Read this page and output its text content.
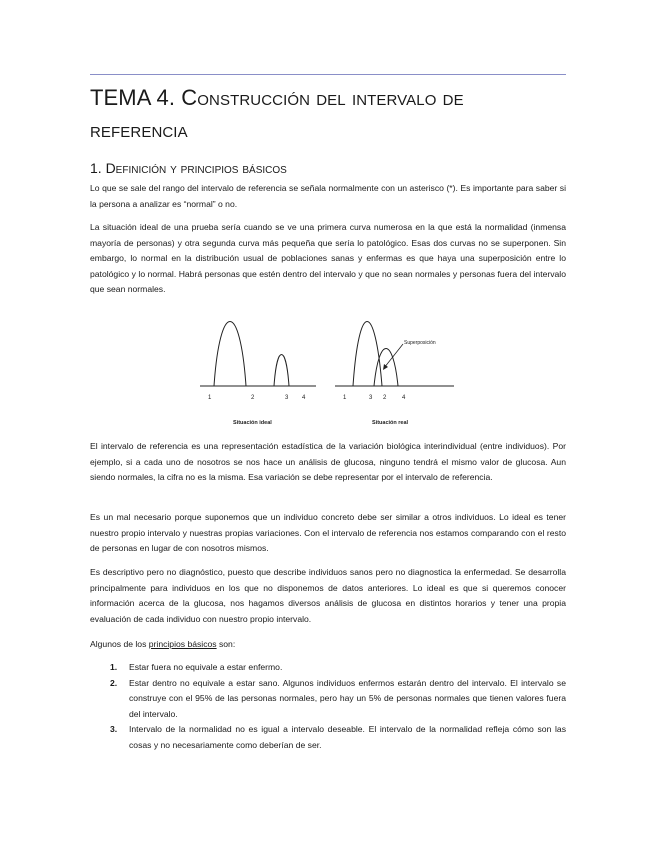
TEMA 4. Construcción del intervalo de referencia
1. Definición y principios básicos

Lo que se sale del rango del intervalo de referencia se señala normalmente con un asterisco (*). Es importante para saber si la persona a analizar es “normal” o no.

La situación ideal de una prueba sería cuando se ve una primera curva numerosa en la que está la normalidad (inmensa mayoría de personas) y otra segunda curva más pequeña que sería lo patológico. Esas dos curvas no se superponen. Sin embargo, lo normal en la distribución usual de poblaciones sanas y enfermas es que haya una superposición entre lo patológico y lo normal. Habrá personas que estén dentro del intervalo y que no sean normales y personas fuera del intervalo que sean normales.

1	2	3 4
Situación ideal
Superposición
1	3 2	4
Situación real

El intervalo de referencia es una representación estadística de la variación biológica interindividual (entre individuos). Por ejemplo, si a cada uno de nosotros se nos hace un análisis de glucosa, ninguno tendrá el mismo valor de glucosa. Aun siendo normales, la cifra no es la misma. Esa variación se debe representar por el intervalo de referencia.

Es un mal necesario porque suponemos que un individuo concreto debe ser similar a otros individuos. Lo ideal es tener nuestro propio intervalo y nuestras propias variaciones. Con el intervalo de referencia nos estamos comparando con el resto de personas en lugar de con nosotros mismos.

Es descriptivo pero no diagnóstico, puesto que describe individuos sanos pero no diagnostica la enfermedad. Se desarrolla principalmente para individuos en los que no disponemos de datos anteriores. Lo ideal es que si queremos conocer información acerca de la glucosa, nos hagamos diversos análisis de glucosa en distintos horarios y tener una propia evaluación de cada individuo con nuestro propio intervalo.

Algunos de los principios básicos son:

1. Estar fuera no equivale a estar enfermo.
2. Estar dentro no equivale a estar sano. Algunos individuos enfermos estarán dentro del intervalo. El intervalo se construye con el 95% de las personas normales, pero hay un 5% de personas normales que tienen valores fuera del intervalo.
3. Intervalo de la normalidad no es igual a intervalo deseable. El intervalo de la normalidad refleja cómo son las cosas y no necesariamente como deberían de ser.
